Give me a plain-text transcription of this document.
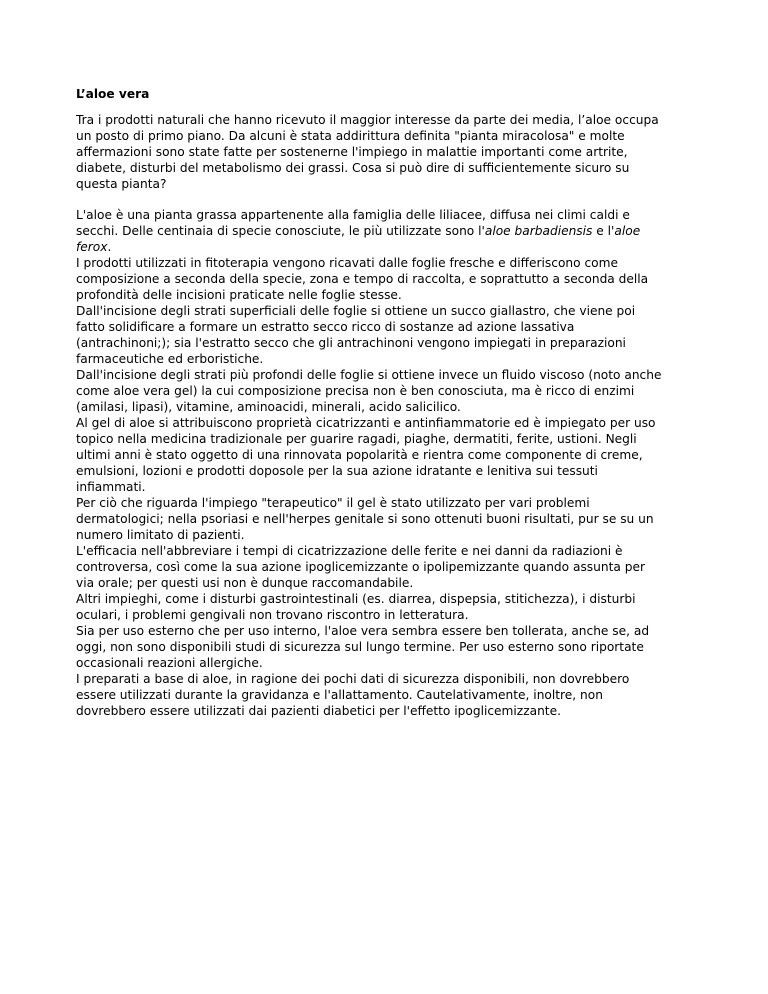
L’aloe vera
Tra i prodotti naturali che hanno ricevuto il maggior interesse da parte dei media, l’aloe occupa
un posto di primo piano. Da alcuni è stata addirittura definita "pianta miracolosa" e molte
affermazioni sono state fatte per sostenerne l'impiego in malattie importanti come artrite,
diabete, disturbi del metabolismo dei grassi. Cosa si può dire di sufficientemente sicuro su
questa pianta?
L'aloe è una pianta grassa appartenente alla famiglia delle liliacee, diffusa nei climi caldi e
secchi. Delle centinaia di specie conosciute, le più utilizzate sono l'aloe barbadiensis e l'aloe
ferox.
I prodotti utilizzati in fitoterapia vengono ricavati dalle foglie fresche e differiscono come
composizione a seconda della specie, zona e tempo di raccolta, e soprattutto a seconda della
profondità delle incisioni praticate nelle foglie stesse.
Dall'incisione degli strati superficiali delle foglie si ottiene un succo giallastro, che viene poi
fatto solidificare a formare un estratto secco ricco di sostanze ad azione lassativa
(antrachinoni;); sia l'estratto secco che gli antrachinoni vengono impiegati in preparazioni
farmaceutiche ed erboristiche.
Dall'incisione degli strati più profondi delle foglie si ottiene invece un fluido viscoso (noto anche
come aloe vera gel) la cui composizione precisa non è ben conosciuta, ma è ricco di enzimi
(amilasi, lipasi), vitamine, aminoacidi, minerali, acido salicilico.
Al gel di aloe si attribuiscono proprietà cicatrizzanti e antinfiammatorie ed è impiegato per uso
topico nella medicina tradizionale per guarire ragadi, piaghe, dermatiti, ferite, ustioni. Negli
ultimi anni è stato oggetto di una rinnovata popolarità e rientra come componente di creme,
emulsioni, lozioni e prodotti doposole per la sua azione idratante e lenitiva sui tessuti
infiammati.
Per ciò che riguarda l'impiego "terapeutico" il gel è stato utilizzato per vari problemi
dermatologici; nella psoriasi e nell'herpes genitale si sono ottenuti buoni risultati, pur se su un
numero limitato di pazienti.
L'efficacia nell'abbreviare i tempi di cicatrizzazione delle ferite e nei danni da radiazioni è
controversa, così come la sua azione ipoglicemizzante o ipolipemizzante quando assunta per
via orale; per questi usi non è dunque raccomandabile.
Altri impieghi, come i disturbi gastrointestinali (es. diarrea, dispepsia, stitichezza), i disturbi
oculari, i problemi gengivali non trovano riscontro in letteratura.
Sia per uso esterno che per uso interno, l'aloe vera sembra essere ben tollerata, anche se, ad
oggi, non sono disponibili studi di sicurezza sul lungo termine. Per uso esterno sono riportate
occasionali reazioni allergiche.
I preparati a base di aloe, in ragione dei pochi dati di sicurezza disponibili, non dovrebbero
essere utilizzati durante la gravidanza e l'allattamento. Cautelativamente, inoltre, non
dovrebbero essere utilizzati dai pazienti diabetici per l'effetto ipoglicemizzante.
